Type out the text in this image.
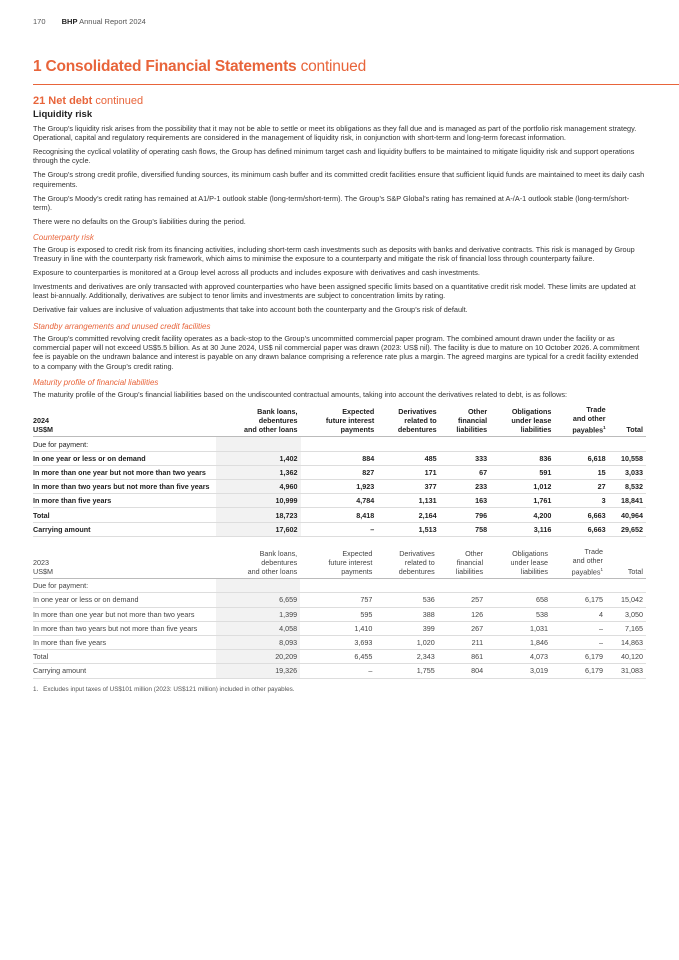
170 BHP Annual Report 2024
1 Consolidated Financial Statements continued
21 Net debt continued
Liquidity risk

The Group’s liquidity risk arises from the possibility that it may not be able to settle or meet its obligations as they fall due and is managed as part of the portfolio risk management strategy. Operational, capital and regulatory requirements are considered in the management of liquidity risk, in conjunction with short-term and long-term forecast information.

Recognising the cyclical volatility of operating cash flows, the Group has defined minimum target cash and liquidity buffers to be maintained to mitigate liquidity risk and support operations through the cycle.

The Group’s strong credit profile, diversified funding sources, its minimum cash buffer and its committed credit facilities ensure that sufficient liquid funds are maintained to meet its daily cash requirements.

The Group’s Moody’s credit rating has remained at A1/P-1 outlook stable (long-term/short-term). The Group’s S&P Global’s rating has remained at A-/A-1 outlook stable (long-term/short-term).

There were no defaults on the Group’s liabilities during the period.

Counterparty risk

The Group is exposed to credit risk from its financing activities, including short-term cash investments such as deposits with banks and derivative contracts. This risk is managed by Group Treasury in line with the counterparty risk framework, which aims to minimise the exposure to a counterparty and mitigate the risk of financial loss through counterparty failure.

Exposure to counterparties is monitored at a Group level across all products and includes exposure with derivatives and cash investments.

Investments and derivatives are only transacted with approved counterparties who have been assigned specific limits based on a quantitative credit risk model. These limits are updated at least bi-annually. Additionally, derivatives are subject to tenor limits and investments are subject to concentration limits by rating.

Derivative fair values are inclusive of valuation adjustments that take into account both the counterparty and the Group’s risk of default.

Standby arrangements and unused credit facilities

The Group’s committed revolving credit facility operates as a back-stop to the Group’s uncommitted commercial paper program. The combined amount drawn under the facility or as commercial paper will not exceed US$5.5 billion. As at 30 June 2024, US$ nil commercial paper was drawn (2023: US$ nil). The facility is due to mature on 10 October 2026. A commitment fee is payable on the undrawn balance and interest is payable on any drawn balance comprising a reference rate plus a margin. The agreed margins are typical for a credit facility extended to a company with the Group’s credit rating.

Maturity profile of financial liabilities

The maturity profile of the Group’s financial liabilities based on the undiscounted contractual amounts, taking into account the derivatives related to debt, is as follows:

2024
US$M	Bank loans,
debentures
and other loans	Expected
future interest
payments	Derivatives
related to
debentures	Other
financial
liabilities	Obligations
under lease
liabilities	Trade
and other
payables$^1$	Total
Due for payment:							
In one year or less or on demand	1,402	884	485	333	836	6,618	10,558
In more than one year but not more than two years	1,362	827	171	67	591	15	3,033
In more than two years but not more than five years	4,960	1,923	377	233	1,012	27	8,532
In more than five years	10,999	4,784	1,131	163	1,761	3	18,841
Total	18,723	8,418	2,164	796	4,200	6,663	40,964
Carrying amount	17,602	–	1,513	758	3,116	6,663	29,652
2023
US$M	Bank loans,
debentures
and other loans	Expected
future interest
payments	Derivatives
related to
debentures	Other
financial
liabilities	Obligations
under lease
liabilities	Trade
and other
payables$^1$	Total
Due for payment:							
In one year or less or on demand	6,659	757	536	257	658	6,175	15,042
In more than one year but not more than two years	1,399	595	388	126	538	4	3,050
In more than two years but not more than five years	4,058	1,410	399	267	1,031	–	7,165
In more than five years	8,093	3,693	1,020	211	1,846	–	14,863
Total	20,209	6,455	2,343	861	4,073	6,179	40,120
Carrying amount	19,326	–	1,755	804	3,019	6,179	31,083
1.  Excludes input taxes of US$101 million (2023: US$121 million) included in other payables.
